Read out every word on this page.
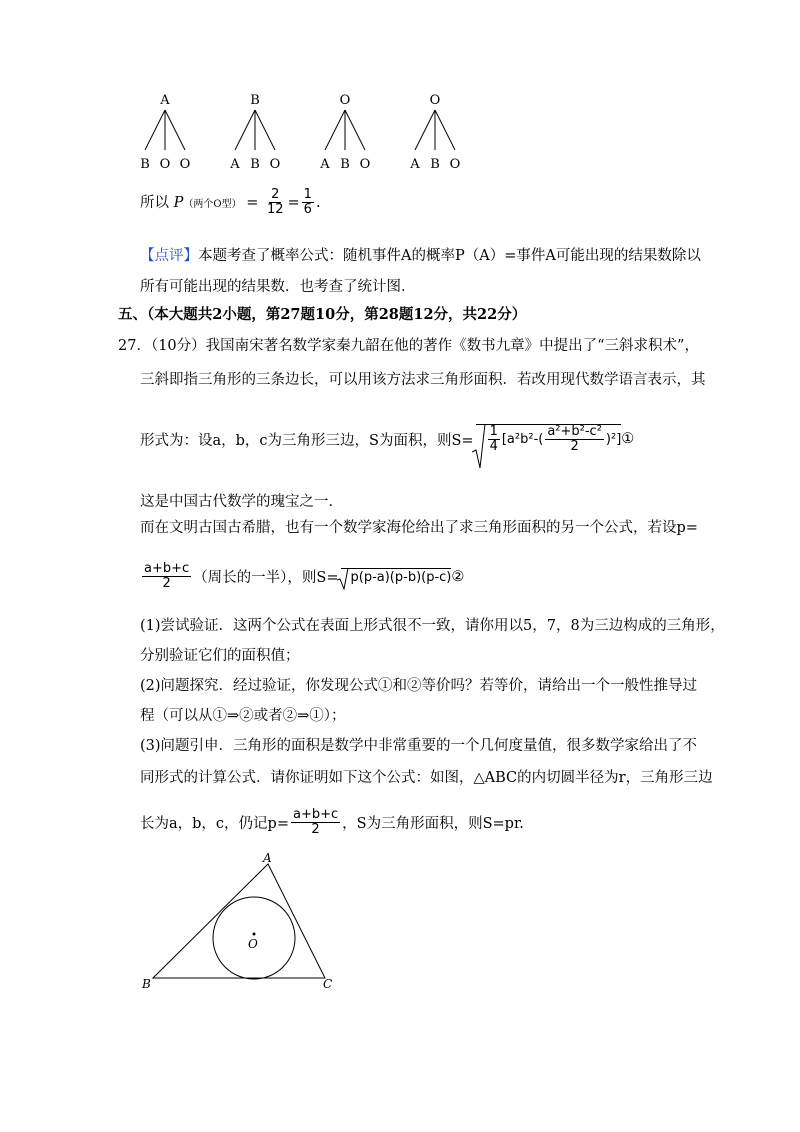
A
B O O
B
A B O
O
A B O
O
A B O
所以 P（两个O型） = $\frac{2}{12} = \frac{1}{6}$ .
【点评】本题考查了概率公式：随机事件A的概率P（A）=事件A可能出现的结果数除以
所有可能出现的结果数．也考查了统计图．
五、（本大题共2小题，第27题10分，第28题12分，共22分）
27．（10分）我国南宋著名数学家秦九韶在他的著作《数书九章》中提出了“三斜求积术”，
三斜即指三角形的三条边长，可以用该方法求三角形面积．若改用现代数学语言表示，其
形式为：设a，b，c为三角形三边，S为面积，则$S= \frac{1}{4} [a^2b^2-( \frac{\text{a²+b²-c²}}{2} )^2]$ ①
这是中国古代数学的瑰宝之一．
而在文明古国古希腊，也有一个数学家海伦给出了求三角形面积的另一个公式，若设p=
$\frac{a+b+c}{2}$ （周长的一半），则S= p(p-a)(p-b)(p-c) ②
(1)尝试验证．这两个公式在表面上形式很不一致，请你用以5，7，8为三边构成的三角形，
分别验证它们的面积值；
(2)问题探究．经过验证，你发现公式①和②等价吗？若等价，请给出一个一般性推导过
程（可以从①⇒②或者②⇒①）；
(3)问题引申．三角形的面积是数学中非常重要的一个几何度量值，很多数学家给出了不
同形式的计算公式．请你证明如下这个公式：如图，△ABC的内切圆半径为r，三角形三边
长为a，b，c，仍记$p= \frac{a+b+c}{2}$ ，S为三角形面积，则S=pr.
A
B	C
O
